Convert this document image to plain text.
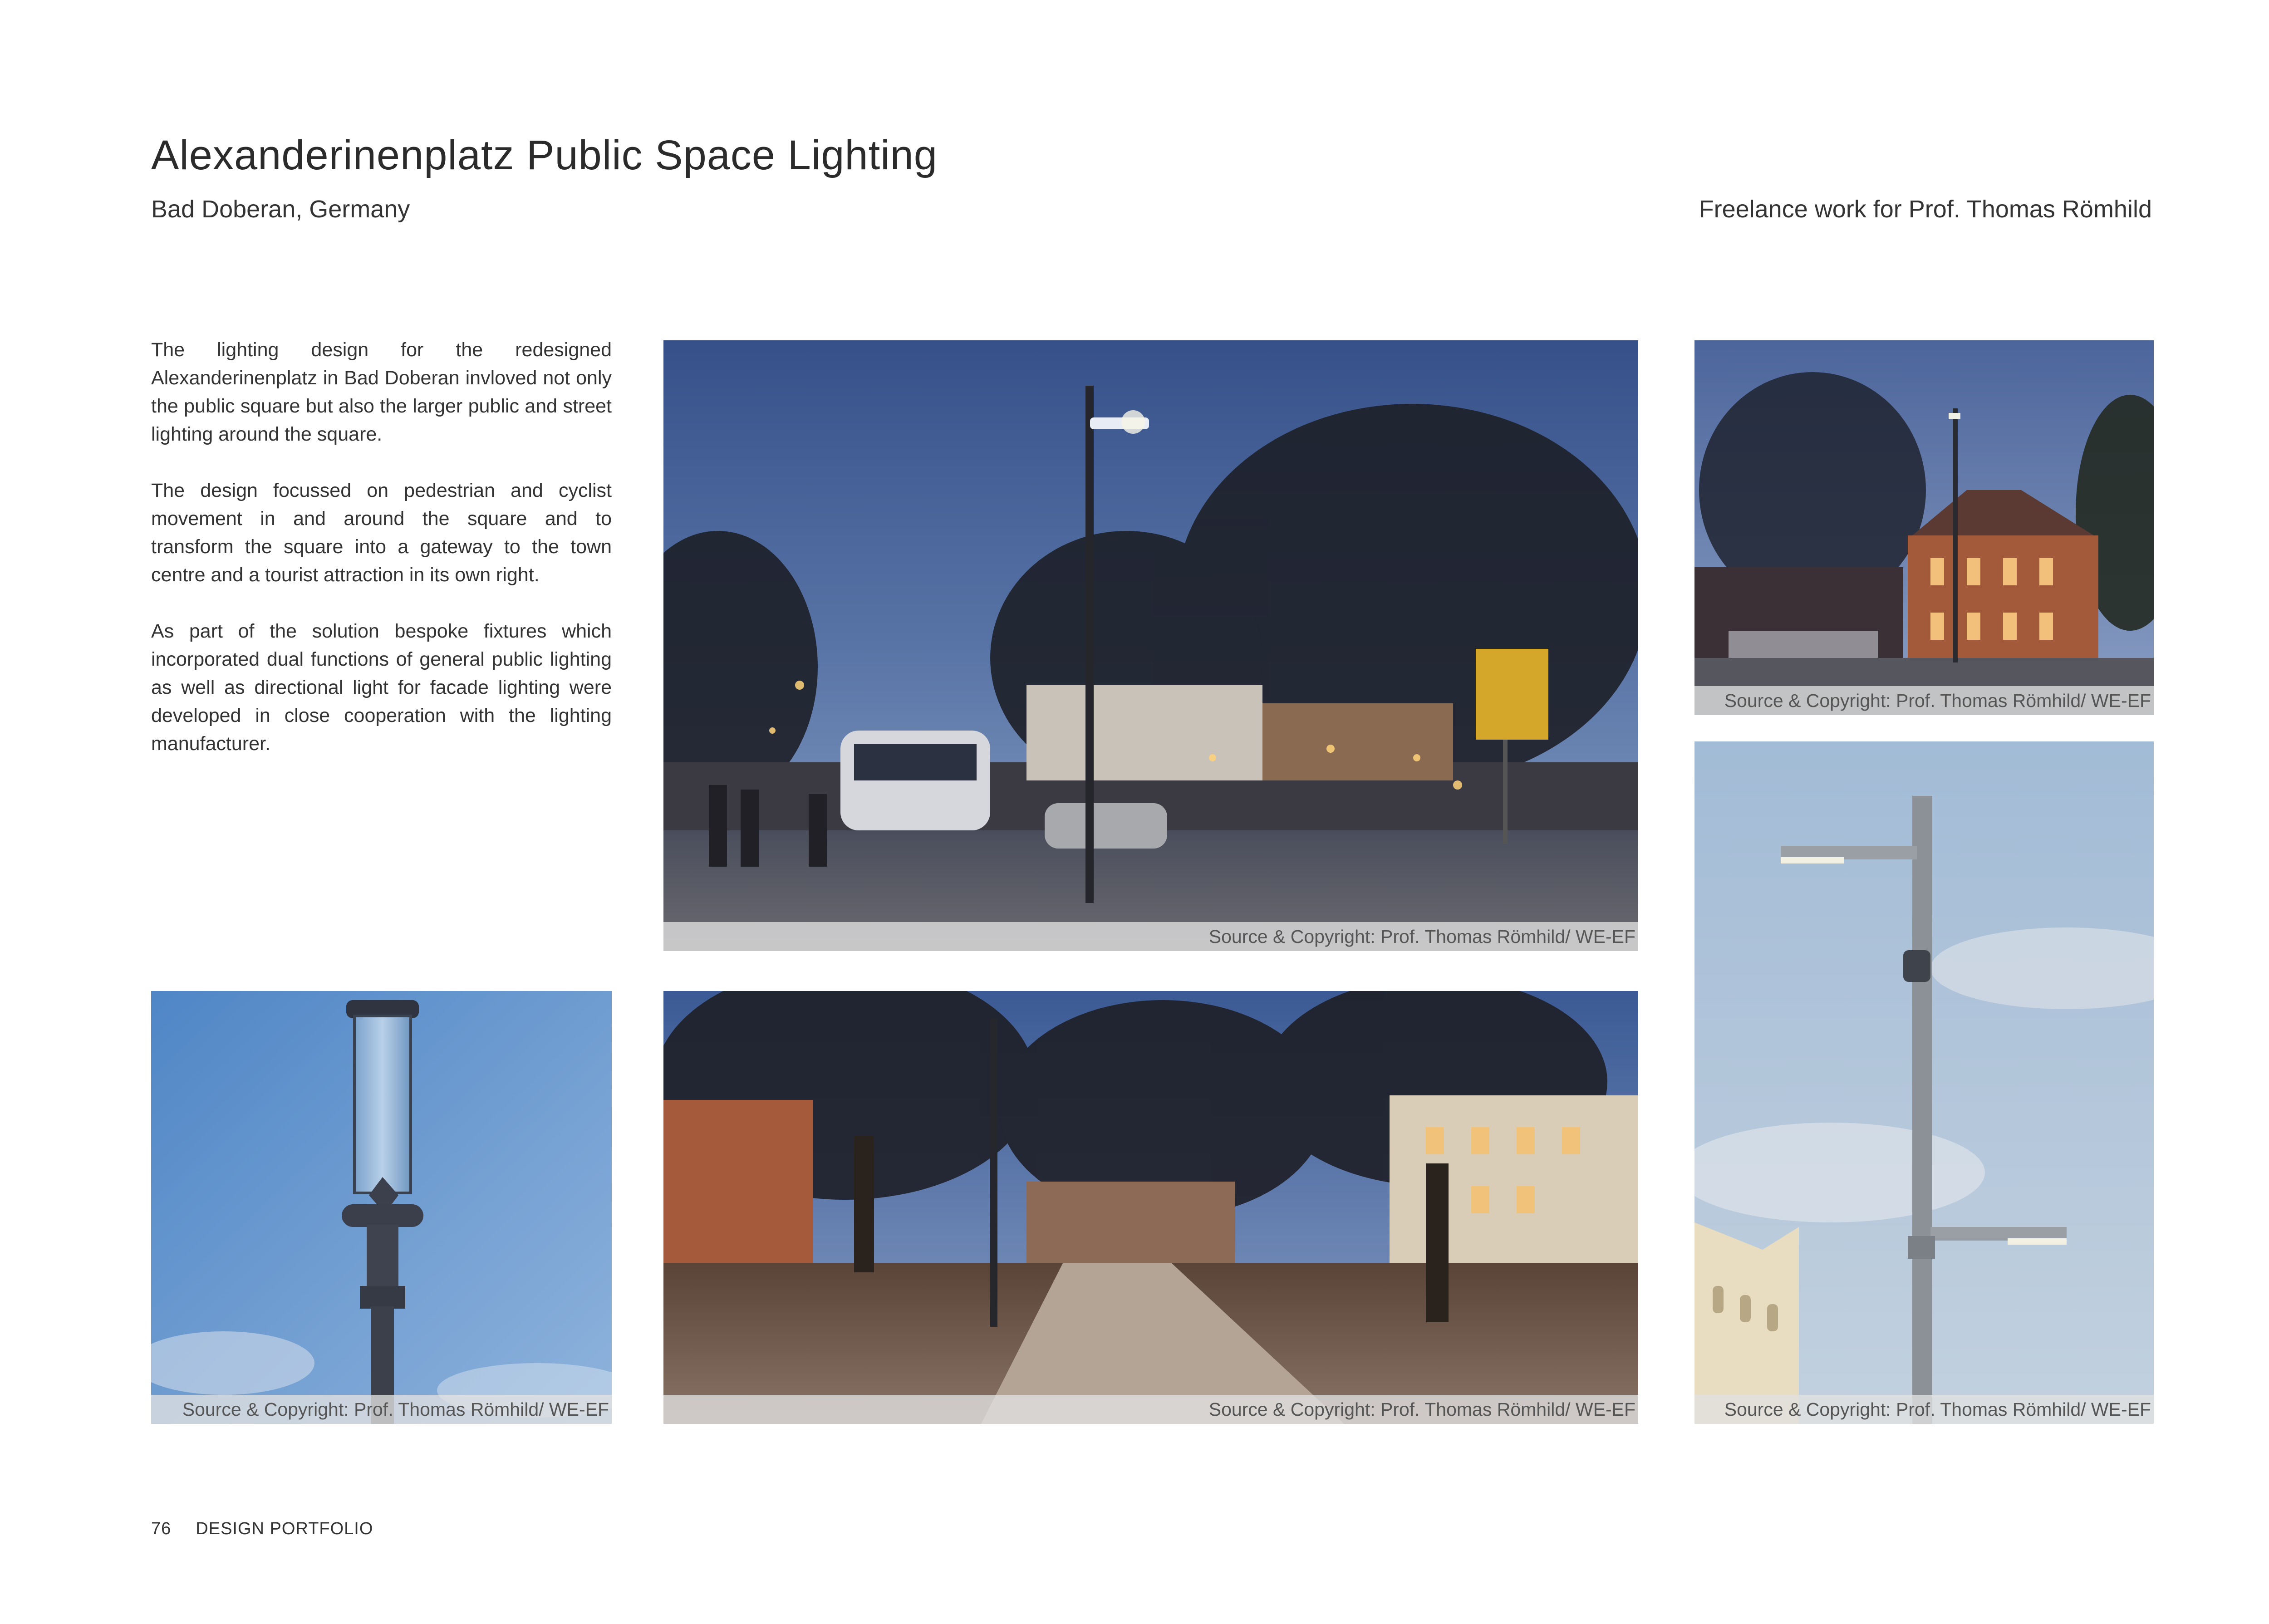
Alexanderinenplatz Public Space Lighting
Bad Doberan, Germany	Freelance work for Prof. Thomas Römhild

The lighting design for the redesigned Alexanderinenplatz in Bad Doberan invloved not only the public square but also the larger public and street lighting around the square.

The design focussed on pedestrian and cyclist movement in and around the square and to transform the square into a gateway to the town centre and a tourist attraction in its own right.

As part of the solution bespoke fixtures which incorporated dual functions of general public lighting as well as directional light for facade lighting were developed in close cooperation with the lighting manufacturer.

Source & Copyright: Prof. Thomas Römhild/ WE-EF
Source & Copyright: Prof. Thomas Römhild/ WE-EF
Source & Copyright: Prof. Thomas Römhild/ WE-EF	Source & Copyright: Prof. Thomas Römhild/ WE-EF	Source & Copyright: Prof. Thomas Römhild/ WE-EF
76 DESIGN PORTFOLIO
